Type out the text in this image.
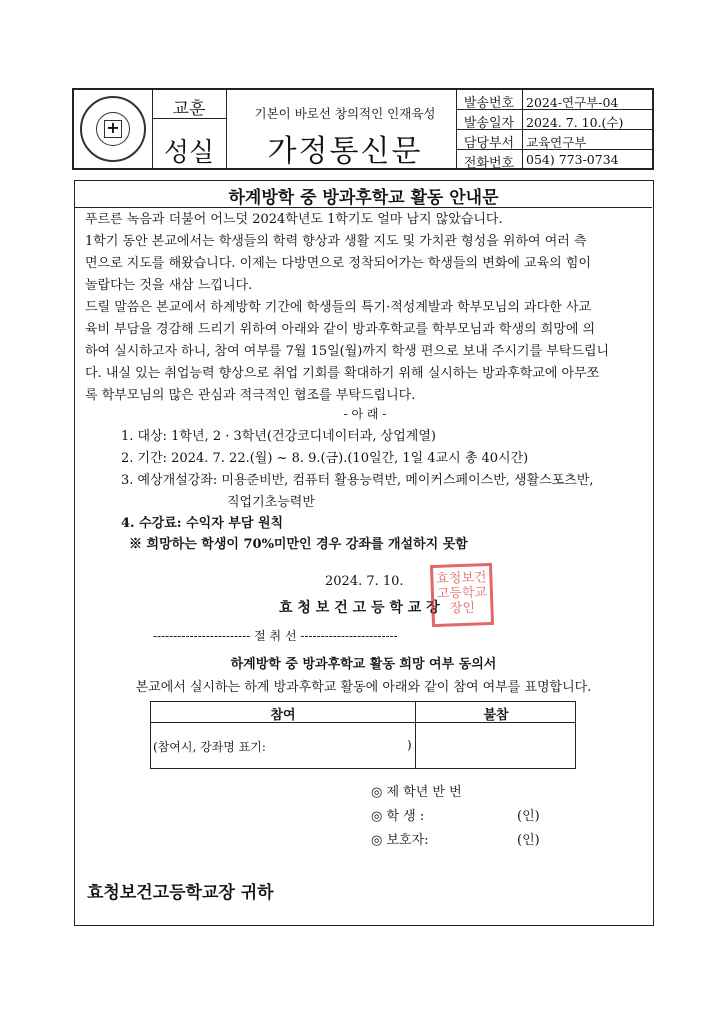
+
교훈
성실
기본이 바로선 창의적인 인재육성
가정통신문
발송번호 2024-연구부-04
발송일자 2024. 7. 10.(수)
담당부서 교육연구부
전화번호 054) 773-0734
하계방학 중 방과후학교 활동 안내문
푸르른 녹음과 더불어 어느덧 2024학년도 1학기도 얼마 남지 않았습니다.
1학기 동안 본교에서는 학생들의 학력 향상과 생활 지도 및 가치관 형성을 위하여 여러 측
면으로 지도를 해왔습니다. 이제는 다방면으로 정착되어가는 학생들의 변화에 교육의 힘이
놀랍다는 것을 새삼 느낍니다.
드릴 말씀은 본교에서 하계방학 기간에 학생들의 특기·적성계발과 학부모님의 과다한 사교
육비 부담을 경감해 드리기 위하여 아래와 같이 방과후학교를 학부모님과 학생의 희망에 의
하여 실시하고자 하니, 참여 여부를 7월 15일(월)까지 학생 편으로 보내 주시기를 부탁드립니
다. 내실 있는 취업능력 향상으로 취업 기회를 확대하기 위해 실시하는 방과후학교에 아무쪼
록 학부모님의 많은 관심과 적극적인 협조를 부탁드립니다.
- 아 래 -
1. 대상: 1학년, 2 · 3학년(건강코디네이터과, 상업계열)
2. 기간: 2024. 7. 22.(월) ~ 8. 9.(금).(10일간, 1일 4교시 총 40시간)
3. 예상개설강좌: 미용준비반, 컴퓨터 활용능력반, 메이커스페이스반, 생활스포츠반,
직업기초능력반
4. 수강료: 수익자 부담 원칙
※ 희망하는 학생이 70%미만인 경우 강좌를 개설하지 못함
2024. 7. 10.
효 청 보 건 고 등 학 교 장
효청보건고등학교장인
------------------------ 절 취 선 ------------------------
하계방학 중 방과후학교 활동 희망 여부 동의서
본교에서 실시하는 하계 방과후학교 활동에 아래와 같이 참여 여부를 표명합니다.
참여	불참
(참여시, 강좌명 표기:	)
◎ 제 학년 반 번
◎ 학 생 :	(인)
◎ 보호자:	(인)
효청보건고등학교장 귀하
